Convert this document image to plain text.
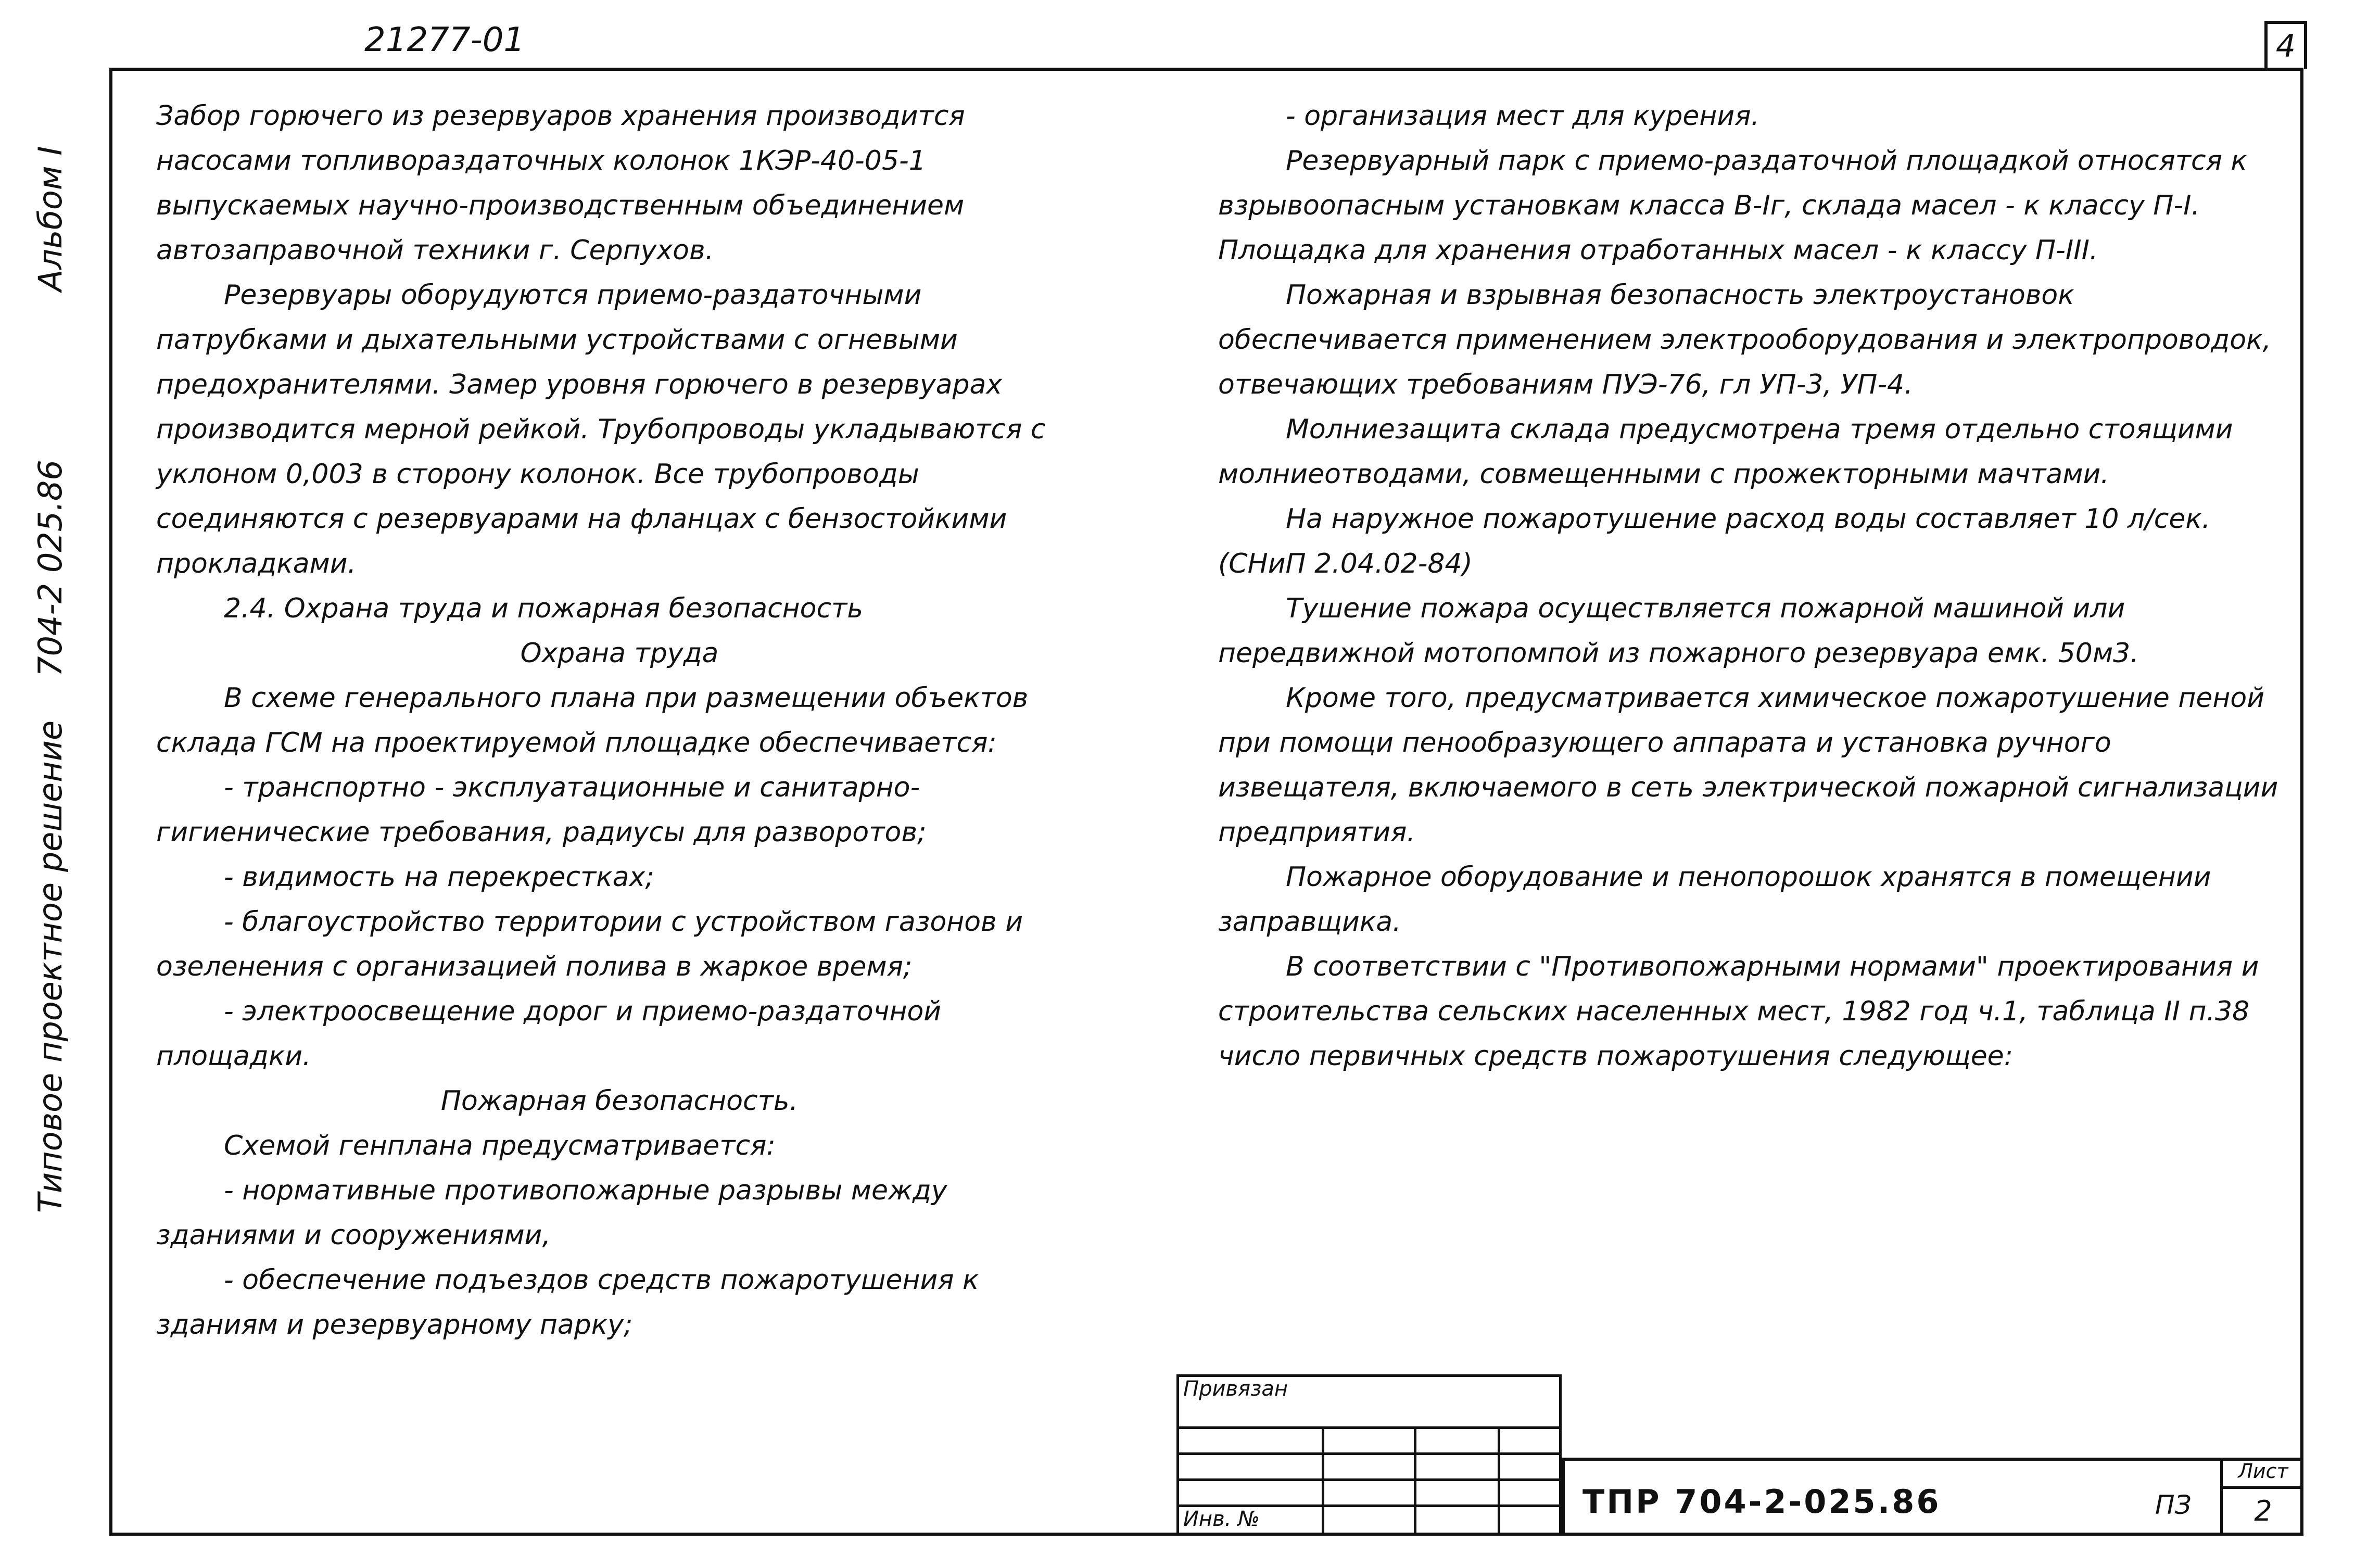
21277-01	4
Альбом I
704-2 025.86
Типовое проектное решение

Забор горючего из резервуаров хранения производится насосами топливораздаточных колонок 1КЭР-40-05-1 выпускаемых научно-производственным объединением автозаправочной техники г. Серпухов.

Резервуары оборудуются приемо-раздаточными патрубками и дыхательными устройствами с огневыми предохранителями. Замер уровня горючего в резервуарах производится мерной рейкой. Трубопроводы укладываются с уклоном 0,003 в сторону колонок. Все трубопроводы соединяются с резервуарами на фланцах с бензостойкими прокладками.

2.4. Охрана труда и пожарная безопасность

Охрана труда

В схеме генерального плана при размещении объектов склада ГСМ на проектируемой площадке обеспечивается:

- транспортно - эксплуатационные и санитарно-гигиенические требования, радиусы для разворотов;

- видимость на перекрестках;

- благоустройство территории с устройством газонов и озеленения с организацией полива в жаркое время;

- электроосвещение дорог и приемо-раздаточной площадки.

Пожарная безопасность.

Схемой генплана предусматривается:

- нормативные противопожарные разрывы между зданиями и сооружениями,

- обеспечение подъездов средств пожаротушения к зданиям и резервуарному парку;

- организация мест для курения.

Резервуарный парк с приемо-раздаточной площадкой относятся к взрывоопасным установкам класса В-Iг, склада масел - к классу П-I. Площадка для хранения отработанных масел - к классу П-III.

Пожарная и взрывная безопасность электроустановок обеспечивается применением электрооборудования и электропроводок, отвечающих требованиям ПУЭ-76, гл УП-3, УП-4.

Молниезащита склада предусмотрена тремя отдельно стоящими молниеотводами, совмещенными с прожекторными мачтами.

На наружное пожаротушение расход воды составляет 10 л/сек. (СНиП 2.04.02-84)

Тушение пожара осуществляется пожарной машиной или передвижной мотопомпой из пожарного резервуара емк. 50м3.

Кроме того, предусматривается химическое пожаротушение пеной при помощи пенообразующего аппарата и установка ручного извещателя, включаемого в сеть электрической пожарной сигнализации предприятия.

Пожарное оборудование и пенопорошок хранятся в помещении заправщика.

В соответствии с "Противопожарными нормами" проектирования и строительства сельских населенных мест, 1982 год ч.1, таблица II п.38 число первичных средств пожаротушения следующее:

Привязан			

Инв. №				ТПР 704-2-025.86	ПЗ
Лист
2
